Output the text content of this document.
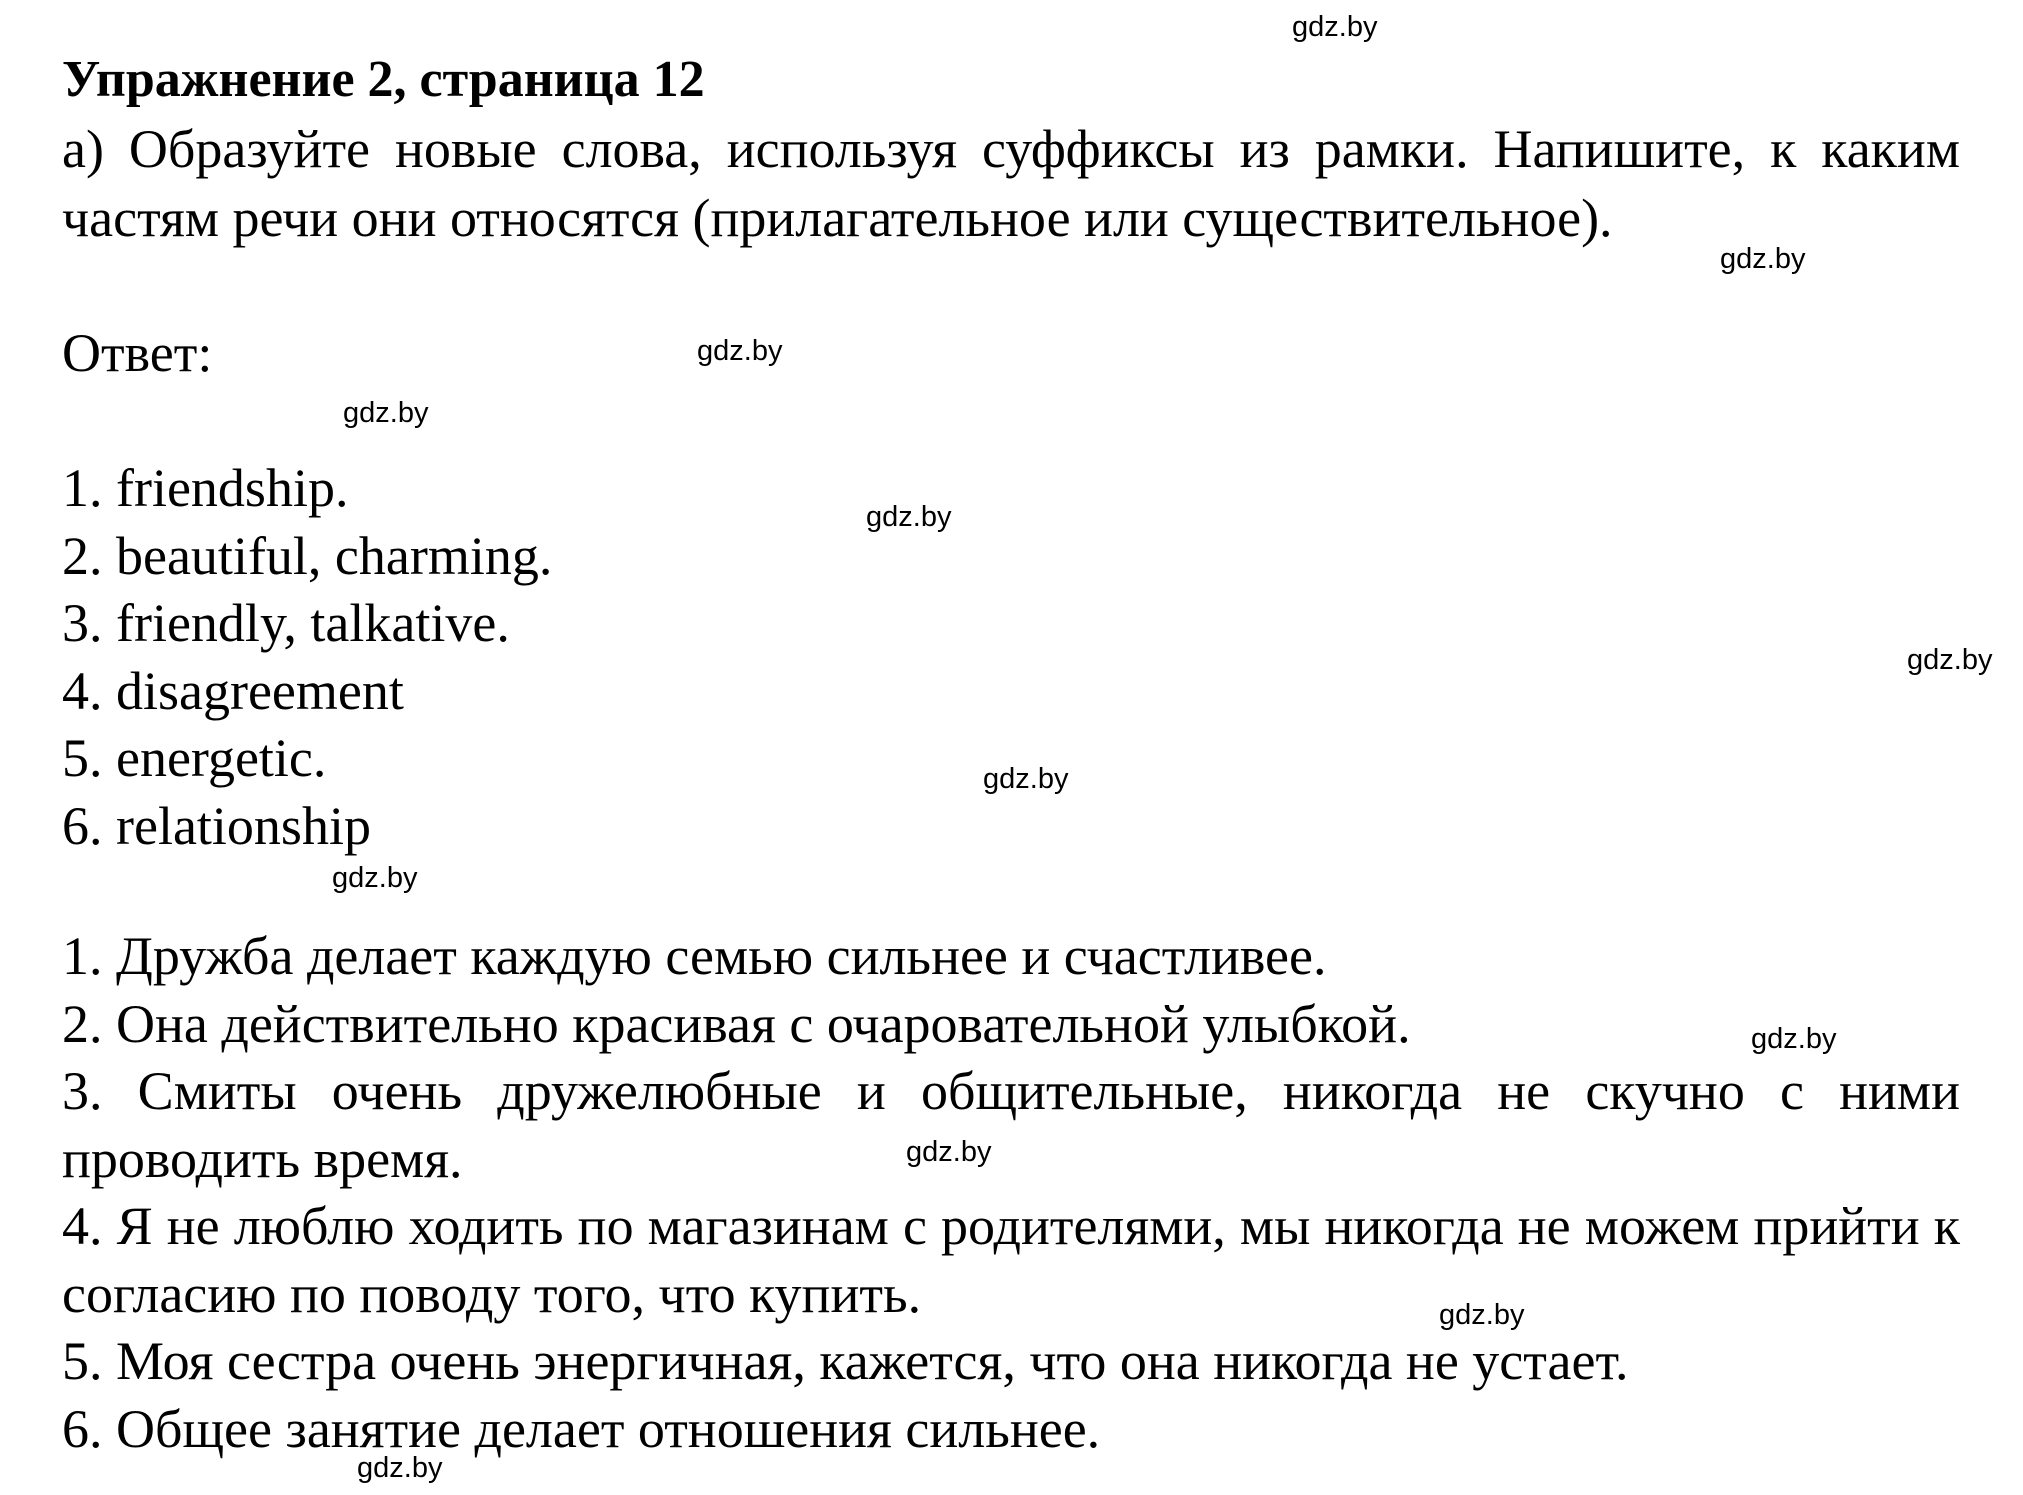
Упражнение 2, страница 12
а) Образуйте новые слова, используя суффиксы из рамки. Напишите, к каким частям речи они относятся (прилагательное или существительное).
Ответ:
1. friendship.
2. beautiful, charming.
3. friendly, talkative.
4. disagreement
5. energetic.
6. relationship
1. Дружба делает каждую семью сильнее и счастливее.
2. Она действительно красивая с очаровательной улыбкой.
3. Смиты очень дружелюбные и общительные, никогда не скучно с ними проводить время.
4. Я не люблю ходить по магазинам с родителями, мы никогда не можем прийти к согласию по поводу того, что купить.
5. Моя сестра очень энергичная, кажется, что она никогда не устает.
6. Общее занятие делает отношения сильнее.
gdz.by
gdz.by
gdz.by
gdz.by
gdz.by
gdz.by
gdz.by
gdz.by
gdz.by
gdz.by
gdz.by
gdz.by
